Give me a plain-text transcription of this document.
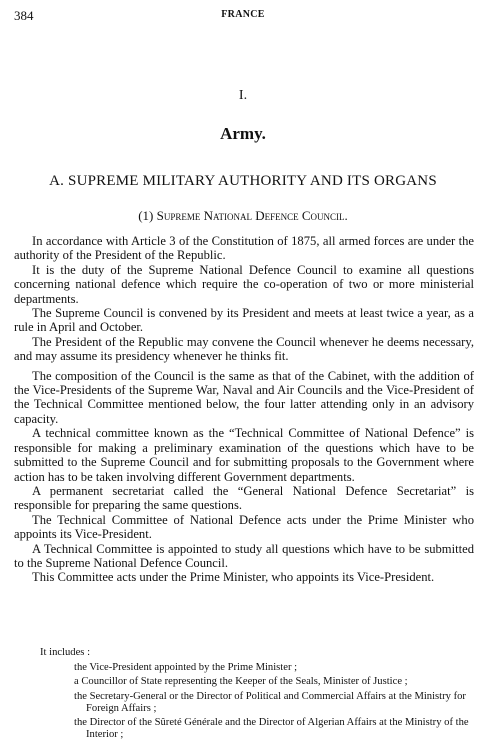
384	FRANCE
I.
Army.
A. SUPREME MILITARY AUTHORITY AND ITS ORGANS
(1) Supreme National Defence Council.

In accordance with Article 3 of the Constitution of 1875, all armed forces are under the authority of the President of the Republic.

It is the duty of the Supreme National Defence Council to examine all questions concerning national defence which require the co-operation of two or more ministerial departments.

The Supreme Council is convened by its President and meets at least twice a year, as a rule in April and October.

The President of the Republic may convene the Council whenever he deems necessary, and may assume its presidency whenever he thinks fit.

The composition of the Council is the same as that of the Cabinet, with the addition of the Vice-Presidents of the Supreme War, Naval and Air Councils and the Vice-President of the Technical Committee mentioned below, the four latter attending only in an advisory capacity.

A technical committee known as the “Technical Committee of National Defence” is responsible for making a preliminary examination of the questions which have to be submitted to the Supreme Council and for submitting proposals to the Government where action has to be taken involving different Government departments.

A permanent secretariat called the “General National Defence Secretariat” is responsible for preparing the same questions.

The Technical Committee of National Defence acts under the Prime Minister who appoints its Vice-President.

A Technical Committee is appointed to study all questions which have to be submitted to the Supreme National Defence Council.

This Committee acts under the Prime Minister, who appoints its Vice-President.

It includes :

the Vice-President appointed by the Prime Minister ;

a Councillor of State representing the Keeper of the Seals, Minister of Justice ;

the Secretary-General or the Director of Political and Commercial Affairs at the Ministry for Foreign Affairs ;

the Director of the Sûreté Générale and the Director of Algerian Affairs at the Ministry of the Interior ;
